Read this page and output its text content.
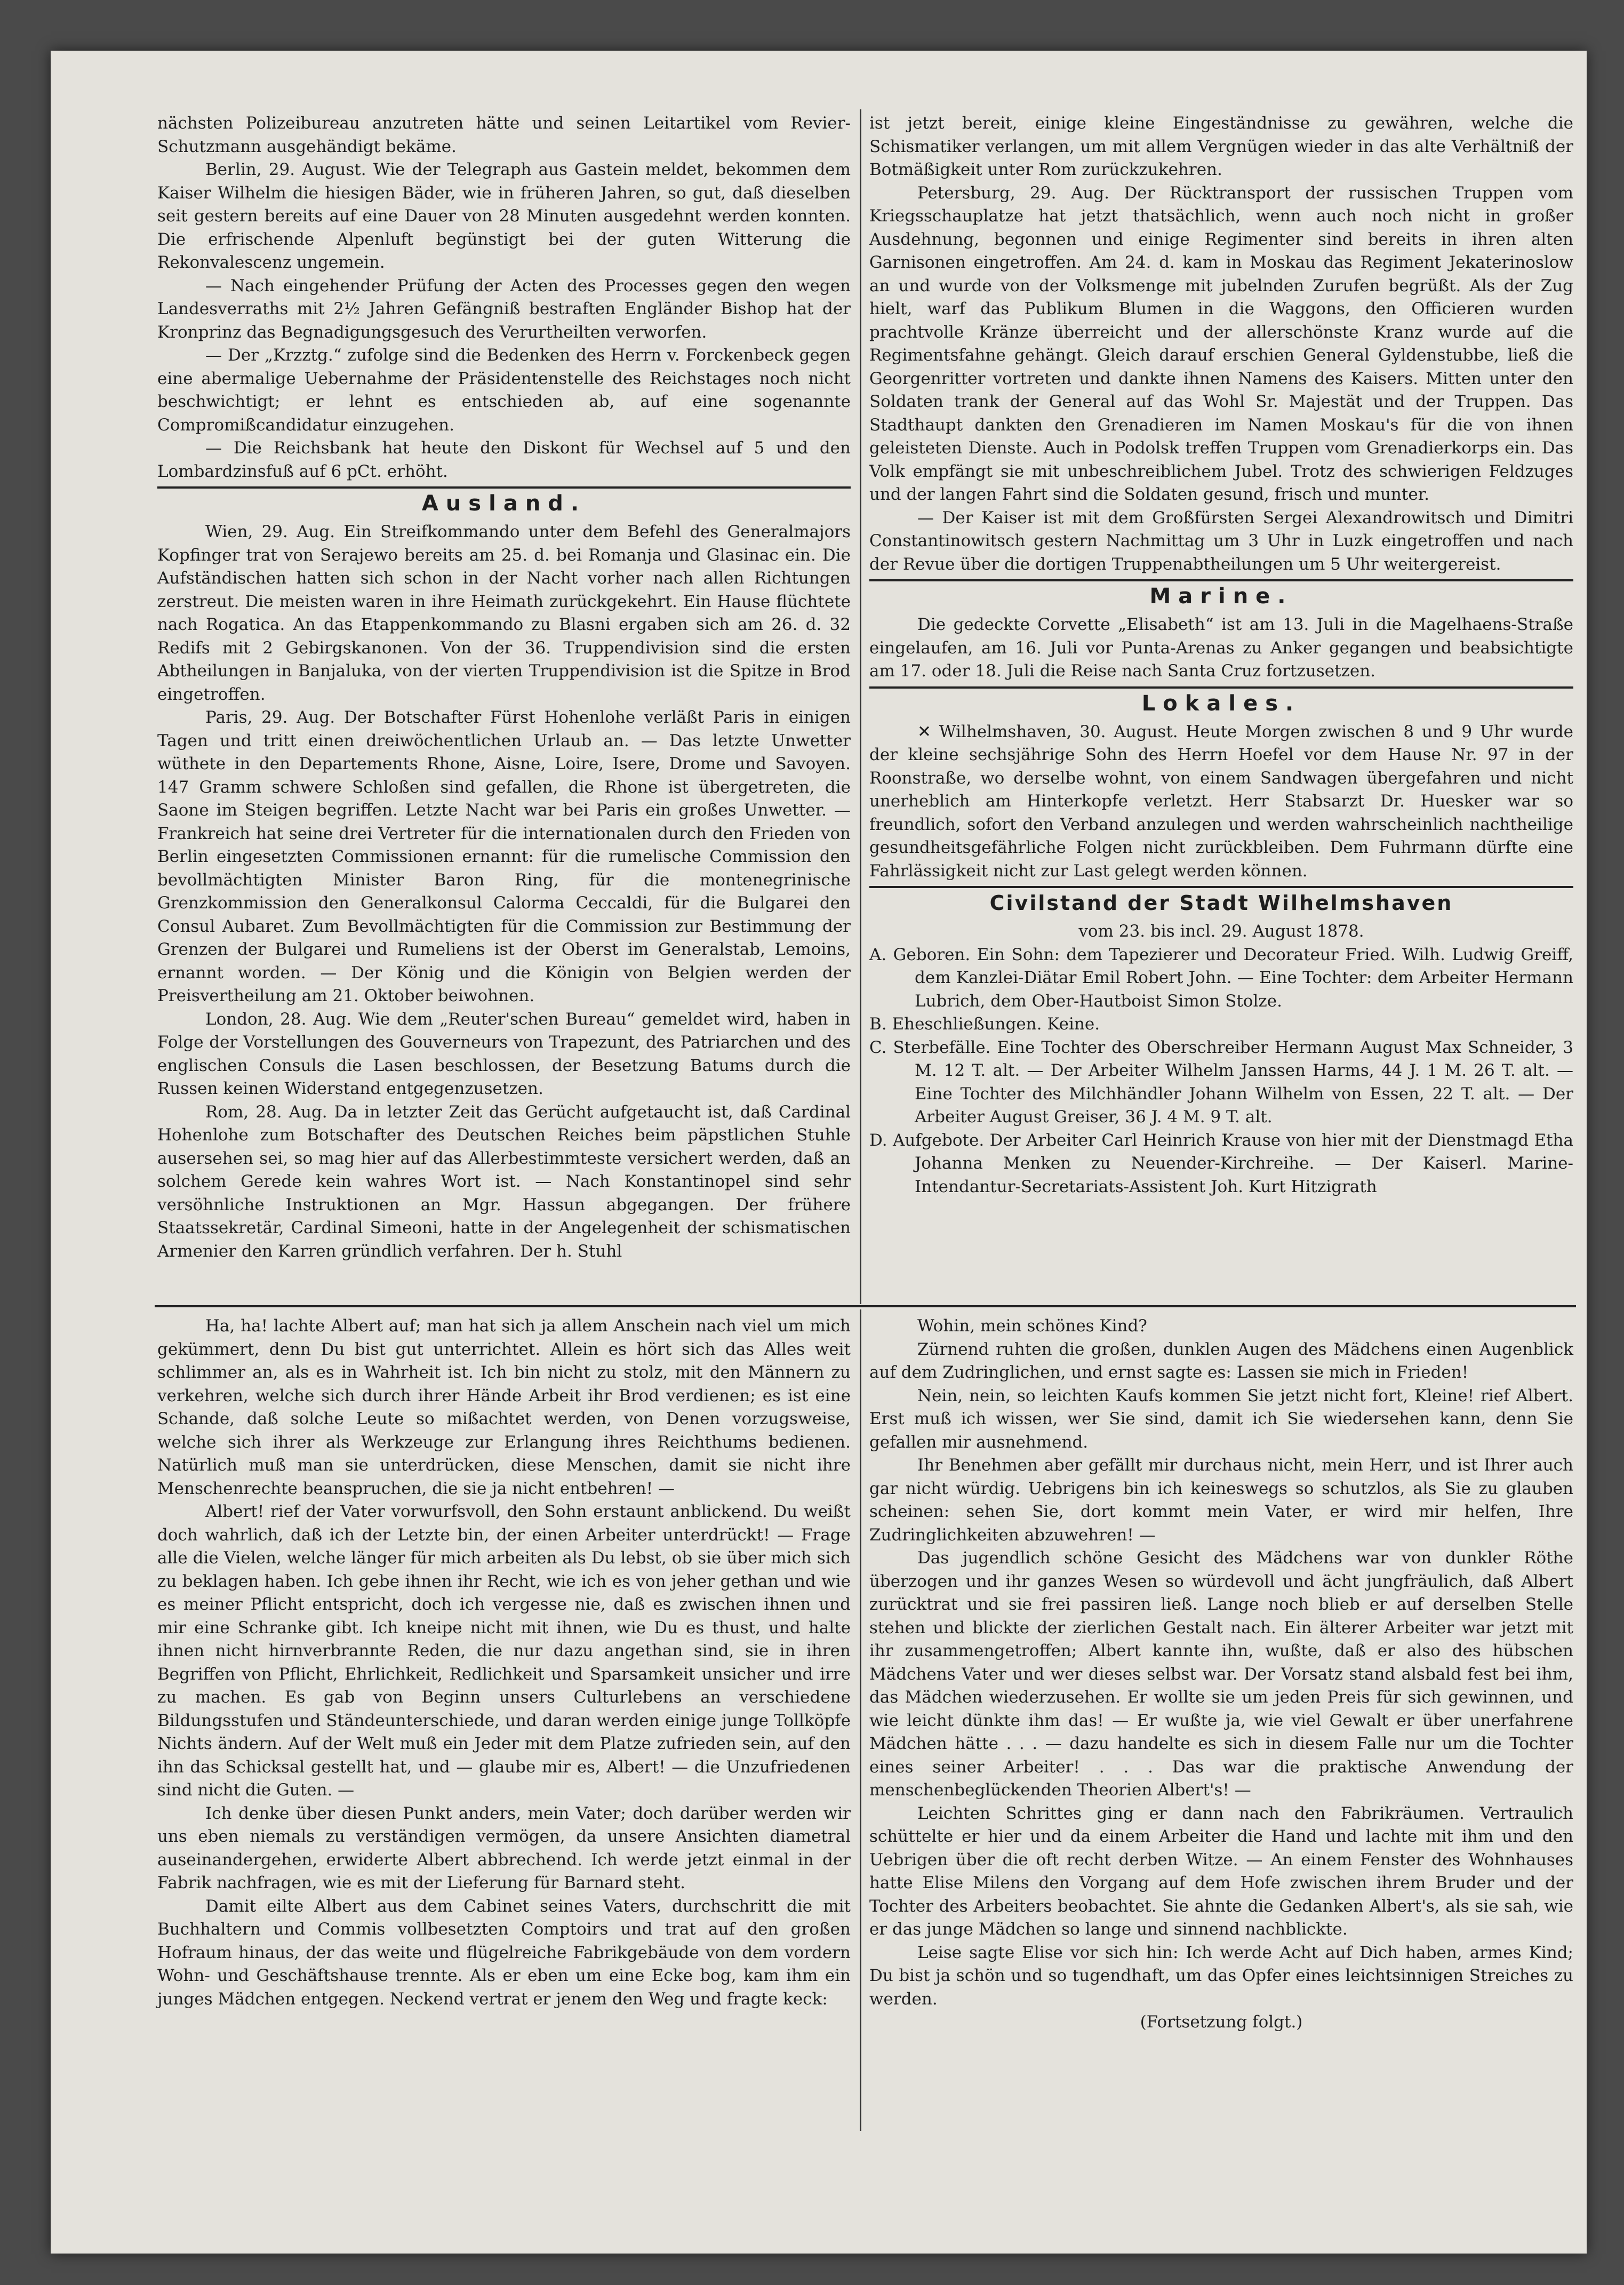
nächsten Polizeibureau anzutreten hätte und seinen Leitartikel vom Revier-Schutzmann ausgehändigt bekäme.

Berlin, 29. August. Wie der Telegraph aus Gastein meldet, bekommen dem Kaiser Wilhelm die hiesigen Bäder, wie in früheren Jahren, so gut, daß dieselben seit gestern bereits auf eine Dauer von 28 Minuten ausgedehnt werden konnten. Die erfrischende Alpenluft begünstigt bei der guten Witterung die Rekonvalescenz ungemein.

— Nach eingehender Prüfung der Acten des Processes gegen den wegen Landesverraths mit 2½ Jahren Gefängniß bestraften Engländer Bishop hat der Kronprinz das Begnadigungsgesuch des Verurtheilten verworfen.

— Der „Krzztg.“ zufolge sind die Bedenken des Herrn v. Forckenbeck gegen eine abermalige Uebernahme der Präsidentenstelle des Reichstages noch nicht beschwichtigt; er lehnt es entschieden ab, auf eine sogenannte Compromißcandidatur einzugehen.

— Die Reichsbank hat heute den Diskont für Wechsel auf 5 und den Lombardzinsfuß auf 6 pCt. erhöht.

Ausland.

Wien, 29. Aug. Ein Streifkommando unter dem Befehl des Generalmajors Kopfinger trat von Serajewo bereits am 25. d. bei Romanja und Glasinac ein. Die Aufständischen hatten sich schon in der Nacht vorher nach allen Richtungen zerstreut. Die meisten waren in ihre Heimath zurückgekehrt. Ein Hause flüchtete nach Rogatica. An das Etappenkommando zu Blasni ergaben sich am 26. d. 32 Redifs mit 2 Gebirgskanonen. Von der 36. Truppendivision sind die ersten Abtheilungen in Banjaluka, von der vierten Truppendivision ist die Spitze in Brod eingetroffen.

Paris, 29. Aug. Der Botschafter Fürst Hohenlohe verläßt Paris in einigen Tagen und tritt einen dreiwöchentlichen Urlaub an. — Das letzte Unwetter wüthete in den Departements Rhone, Aisne, Loire, Isere, Drome und Savoyen. 147 Gramm schwere Schloßen sind gefallen, die Rhone ist übergetreten, die Saone im Steigen begriffen. Letzte Nacht war bei Paris ein großes Unwetter. — Frankreich hat seine drei Vertreter für die internationalen durch den Frieden von Berlin eingesetzten Commissionen ernannt: für die rumelische Commission den bevollmächtigten Minister Baron Ring, für die montenegrinische Grenzkommission den Generalkonsul Calorma Ceccaldi, für die Bulgarei den Consul Aubaret. Zum Bevollmächtigten für die Commission zur Bestimmung der Grenzen der Bulgarei und Rumeliens ist der Oberst im Generalstab, Lemoins, ernannt worden. — Der König und die Königin von Belgien werden der Preisvertheilung am 21. Oktober beiwohnen.

London, 28. Aug. Wie dem „Reuter'schen Bureau“ gemeldet wird, haben in Folge der Vorstellungen des Gouverneurs von Trapezunt, des Patriarchen und des englischen Consuls die Lasen beschlossen, der Besetzung Batums durch die Russen keinen Widerstand entgegenzusetzen.

Rom, 28. Aug. Da in letzter Zeit das Gerücht aufgetaucht ist, daß Cardinal Hohenlohe zum Botschafter des Deutschen Reiches beim päpstlichen Stuhle ausersehen sei, so mag hier auf das Allerbestimmteste versichert werden, daß an solchem Gerede kein wahres Wort ist. — Nach Konstantinopel sind sehr versöhnliche Instruktionen an Mgr. Hassun abgegangen. Der frühere Staatssekretär, Cardinal Simeoni, hatte in der Angelegenheit der schismatischen Armenier den Karren gründlich verfahren. Der h. Stuhl

ist jetzt bereit, einige kleine Eingeständnisse zu gewähren, welche die Schismatiker verlangen, um mit allem Vergnügen wieder in das alte Verhältniß der Botmäßigkeit unter Rom zurückzukehren.

Petersburg, 29. Aug. Der Rücktransport der russischen Truppen vom Kriegsschauplatze hat jetzt thatsächlich, wenn auch noch nicht in großer Ausdehnung, begonnen und einige Regimenter sind bereits in ihren alten Garnisonen eingetroffen. Am 24. d. kam in Moskau das Regiment Jekaterinoslow an und wurde von der Volksmenge mit jubelnden Zurufen begrüßt. Als der Zug hielt, warf das Publikum Blumen in die Waggons, den Officieren wurden prachtvolle Kränze überreicht und der allerschönste Kranz wurde auf die Regimentsfahne gehängt. Gleich darauf erschien General Gyldenstubbe, ließ die Georgenritter vortreten und dankte ihnen Namens des Kaisers. Mitten unter den Soldaten trank der General auf das Wohl Sr. Majestät und der Truppen. Das Stadthaupt dankten den Grenadieren im Namen Moskau's für die von ihnen geleisteten Dienste. Auch in Podolsk treffen Truppen vom Grenadierkorps ein. Das Volk empfängt sie mit unbeschreiblichem Jubel. Trotz des schwierigen Feldzuges und der langen Fahrt sind die Soldaten gesund, frisch und munter.

— Der Kaiser ist mit dem Großfürsten Sergei Alexandrowitsch und Dimitri Constantinowitsch gestern Nachmittag um 3 Uhr in Luzk eingetroffen und nach der Revue über die dortigen Truppenabtheilungen um 5 Uhr weitergereist.

Marine.

Die gedeckte Corvette „Elisabeth“ ist am 13. Juli in die Magelhaens-Straße eingelaufen, am 16. Juli vor Punta-Arenas zu Anker gegangen und beabsichtigte am 17. oder 18. Juli die Reise nach Santa Cruz fortzusetzen.

Lokales.

✕ Wilhelmshaven, 30. August. Heute Morgen zwischen 8 und 9 Uhr wurde der kleine sechsjährige Sohn des Herrn Hoefel vor dem Hause Nr. 97 in der Roonstraße, wo derselbe wohnt, von einem Sandwagen übergefahren und nicht unerheblich am Hinterkopfe verletzt. Herr Stabsarzt Dr. Huesker war so freundlich, sofort den Verband anzulegen und werden wahrscheinlich nachtheilige gesundheitsgefährliche Folgen nicht zurückbleiben. Dem Fuhrmann dürfte eine Fahrlässigkeit nicht zur Last gelegt werden können.

Civilstand der Stadt Wilhelmshaven

vom 23. bis incl. 29. August 1878.

A. Geboren. Ein Sohn: dem Tapezierer und Decorateur Fried. Wilh. Ludwig Greiff, dem Kanzlei-Diätar Emil Robert John. — Eine Tochter: dem Arbeiter Hermann Lubrich, dem Ober-Hautboist Simon Stolze.

B. Eheschließungen. Keine.

C. Sterbefälle. Eine Tochter des Oberschreiber Hermann August Max Schneider, 3 M. 12 T. alt. — Der Arbeiter Wilhelm Janssen Harms, 44 J. 1 M. 26 T. alt. — Eine Tochter des Milchhändler Johann Wilhelm von Essen, 22 T. alt. — Der Arbeiter August Greiser, 36 J. 4 M. 9 T. alt.

D. Aufgebote. Der Arbeiter Carl Heinrich Krause von hier mit der Dienstmagd Etha Johanna Menken zu Neuender-Kirchreihe. — Der Kaiserl. Marine-Intendantur-Secretariats-Assistent Joh. Kurt Hitzigrath

Ha, ha! lachte Albert auf; man hat sich ja allem Anschein nach viel um mich gekümmert, denn Du bist gut unterrichtet. Allein es hört sich das Alles weit schlimmer an, als es in Wahrheit ist. Ich bin nicht zu stolz, mit den Männern zu verkehren, welche sich durch ihrer Hände Arbeit ihr Brod verdienen; es ist eine Schande, daß solche Leute so mißachtet werden, von Denen vorzugsweise, welche sich ihrer als Werkzeuge zur Erlangung ihres Reichthums bedienen. Natürlich muß man sie unterdrücken, diese Menschen, damit sie nicht ihre Menschenrechte beanspruchen, die sie ja nicht entbehren! —

Albert! rief der Vater vorwurfsvoll, den Sohn erstaunt anblickend. Du weißt doch wahrlich, daß ich der Letzte bin, der einen Arbeiter unterdrückt! — Frage alle die Vielen, welche länger für mich arbeiten als Du lebst, ob sie über mich sich zu beklagen haben. Ich gebe ihnen ihr Recht, wie ich es von jeher gethan und wie es meiner Pflicht entspricht, doch ich vergesse nie, daß es zwischen ihnen und mir eine Schranke gibt. Ich kneipe nicht mit ihnen, wie Du es thust, und halte ihnen nicht hirnverbrannte Reden, die nur dazu angethan sind, sie in ihren Begriffen von Pflicht, Ehrlichkeit, Redlichkeit und Sparsamkeit unsicher und irre zu machen. Es gab von Beginn unsers Culturlebens an verschiedene Bildungsstufen und Ständeunterschiede, und daran werden einige junge Tollköpfe Nichts ändern. Auf der Welt muß ein Jeder mit dem Platze zufrieden sein, auf den ihn das Schicksal gestellt hat, und — glaube mir es, Albert! — die Unzufriedenen sind nicht die Guten. —

Ich denke über diesen Punkt anders, mein Vater; doch darüber werden wir uns eben niemals zu verständigen vermögen, da unsere Ansichten diametral auseinandergehen, erwiderte Albert abbrechend. Ich werde jetzt einmal in der Fabrik nachfragen, wie es mit der Lieferung für Barnard steht.

Damit eilte Albert aus dem Cabinet seines Vaters, durchschritt die mit Buchhaltern und Commis vollbesetzten Comptoirs und trat auf den großen Hofraum hinaus, der das weite und flügelreiche Fabrikgebäude von dem vordern Wohn- und Geschäftshause trennte. Als er eben um eine Ecke bog, kam ihm ein junges Mädchen entgegen. Neckend vertrat er jenem den Weg und fragte keck:

Wohin, mein schönes Kind?

Zürnend ruhten die großen, dunklen Augen des Mädchens einen Augenblick auf dem Zudringlichen, und ernst sagte es: Lassen sie mich in Frieden!

Nein, nein, so leichten Kaufs kommen Sie jetzt nicht fort, Kleine! rief Albert. Erst muß ich wissen, wer Sie sind, damit ich Sie wiedersehen kann, denn Sie gefallen mir ausnehmend.

Ihr Benehmen aber gefällt mir durchaus nicht, mein Herr, und ist Ihrer auch gar nicht würdig. Uebrigens bin ich keineswegs so schutzlos, als Sie zu glauben scheinen: sehen Sie, dort kommt mein Vater, er wird mir helfen, Ihre Zudringlichkeiten abzuwehren! —

Das jugendlich schöne Gesicht des Mädchens war von dunkler Röthe überzogen und ihr ganzes Wesen so würdevoll und ächt jungfräulich, daß Albert zurücktrat und sie frei passiren ließ. Lange noch blieb er auf derselben Stelle stehen und blickte der zierlichen Gestalt nach. Ein älterer Arbeiter war jetzt mit ihr zusammengetroffen; Albert kannte ihn, wußte, daß er also des hübschen Mädchens Vater und wer dieses selbst war. Der Vorsatz stand alsbald fest bei ihm, das Mädchen wiederzusehen. Er wollte sie um jeden Preis für sich gewinnen, und wie leicht dünkte ihm das! — Er wußte ja, wie viel Gewalt er über unerfahrene Mädchen hätte . . . — dazu handelte es sich in diesem Falle nur um die Tochter eines seiner Arbeiter! . . . Das war die praktische Anwendung der menschenbeglückenden Theorien Albert's! —

Leichten Schrittes ging er dann nach den Fabrikräumen. Vertraulich schüttelte er hier und da einem Arbeiter die Hand und lachte mit ihm und den Uebrigen über die oft recht derben Witze. — An einem Fenster des Wohnhauses hatte Elise Milens den Vorgang auf dem Hofe zwischen ihrem Bruder und der Tochter des Arbeiters beobachtet. Sie ahnte die Gedanken Albert's, als sie sah, wie er das junge Mädchen so lange und sinnend nachblickte.

Leise sagte Elise vor sich hin: Ich werde Acht auf Dich haben, armes Kind; Du bist ja schön und so tugendhaft, um das Opfer eines leichtsinnigen Streiches zu werden.

(Fortsetzung folgt.)
